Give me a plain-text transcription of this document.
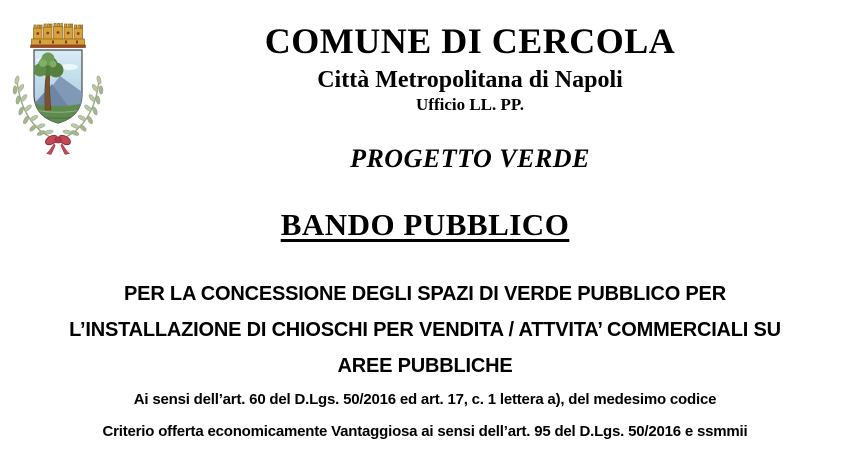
COMUNE DI CERCOLA
Città Metropolitana di Napoli
Ufficio LL. PP.
PROGETTO VERDE
BANDO PUBBLICO
PER LA CONCESSIONE DEGLI SPAZI DI VERDE PUBBLICO PER
L’INSTALLAZIONE DI CHIOSCHI PER VENDITA / ATTVITA’ COMMERCIALI SU
AREE PUBBLICHE
Ai sensi dell’art. 60 del D.Lgs. 50/2016 ed art. 17, c. 1 lettera a), del medesimo codice
Criterio offerta economicamente Vantaggiosa ai sensi dell’art. 95 del D.Lgs. 50/2016 e ssmmii
